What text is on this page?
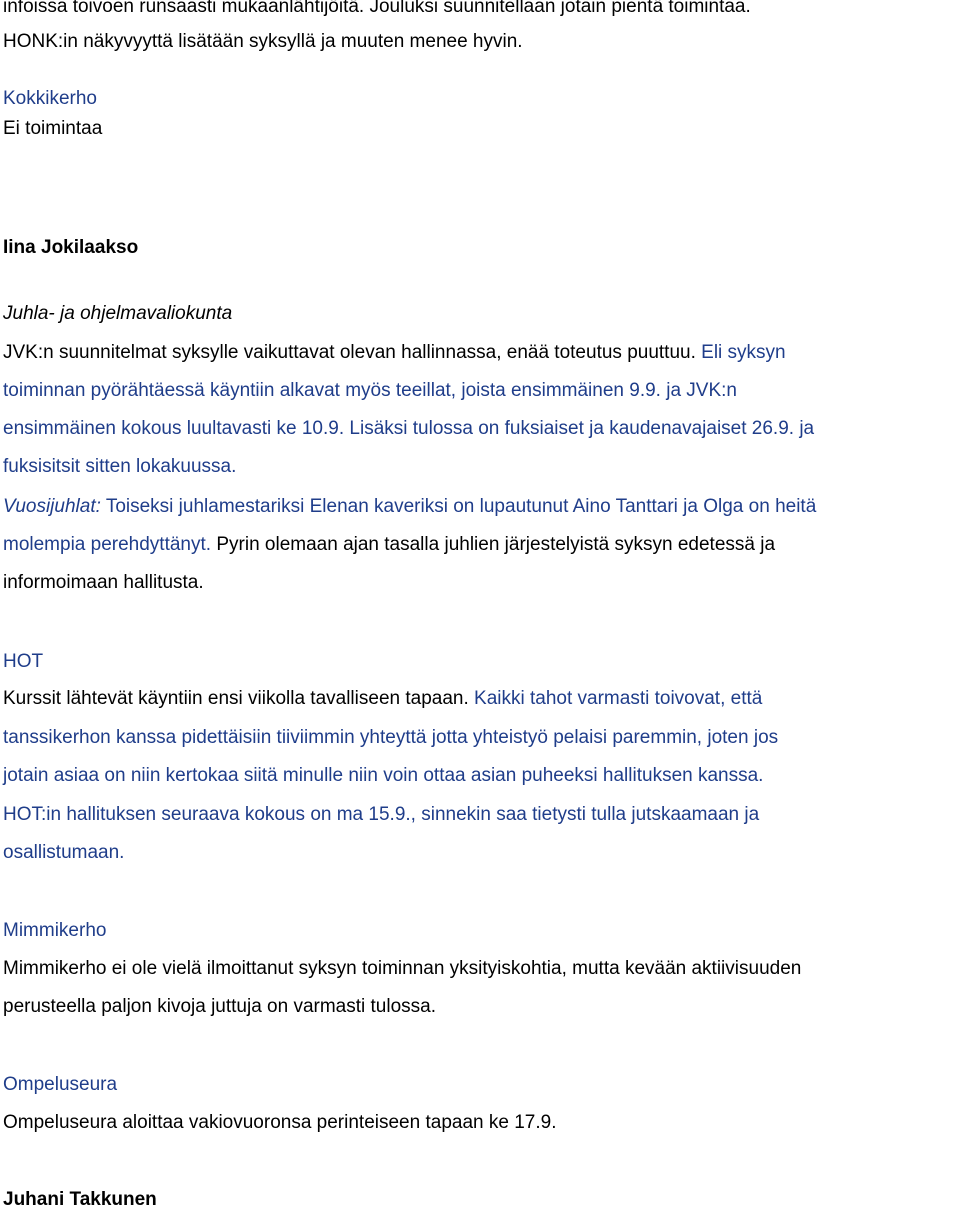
infoissa toivoen runsaasti mukaanlähtijöitä. Jouluksi suunnitellaan jotain pientä toimintaa.
HONK:in näkyvyyttä lisätään syksyllä ja muuten menee hyvin.
Kokkikerho
Ei toimintaa
Iina Jokilaakso
Juhla- ja ohjelmavaliokunta
JVK:n suunnitelmat syksylle vaikuttavat olevan hallinnassa, enää toteutus puuttuu. Eli syksyn
toiminnan pyörähtäessä käyntiin alkavat myös teeillat, joista ensimmäinen 9.9. ja JVK:n
ensimmäinen kokous luultavasti ke 10.9. Lisäksi tulossa on fuksiaiset ja kaudenavajaiset 26.9. ja
fuksisitsit sitten lokakuussa.
Vuosijuhlat: Toiseksi juhlamestariksi Elenan kaveriksi on lupautunut Aino Tanttari ja Olga on heitä
molempia perehdyttänyt. Pyrin olemaan ajan tasalla juhlien järjestelyistä syksyn edetessä ja
informoimaan hallitusta.
HOT
Kurssit lähtevät käyntiin ensi viikolla tavalliseen tapaan. Kaikki tahot varmasti toivovat, että
tanssikerhon kanssa pidettäisiin tiiviimmin yhteyttä jotta yhteistyö pelaisi paremmin, joten jos
jotain asiaa on niin kertokaa siitä minulle niin voin ottaa asian puheeksi hallituksen kanssa.
HOT:in hallituksen seuraava kokous on ma 15.9., sinnekin saa tietysti tulla jutskaamaan ja
osallistumaan.
Mimmikerho
Mimmikerho ei ole vielä ilmoittanut syksyn toiminnan yksityiskohtia, mutta kevään aktiivisuuden
perusteella paljon kivoja juttuja on varmasti tulossa.
Ompeluseura
Ompeluseura aloittaa vakiovuoronsa perinteiseen tapaan ke 17.9.
Juhani Takkunen
